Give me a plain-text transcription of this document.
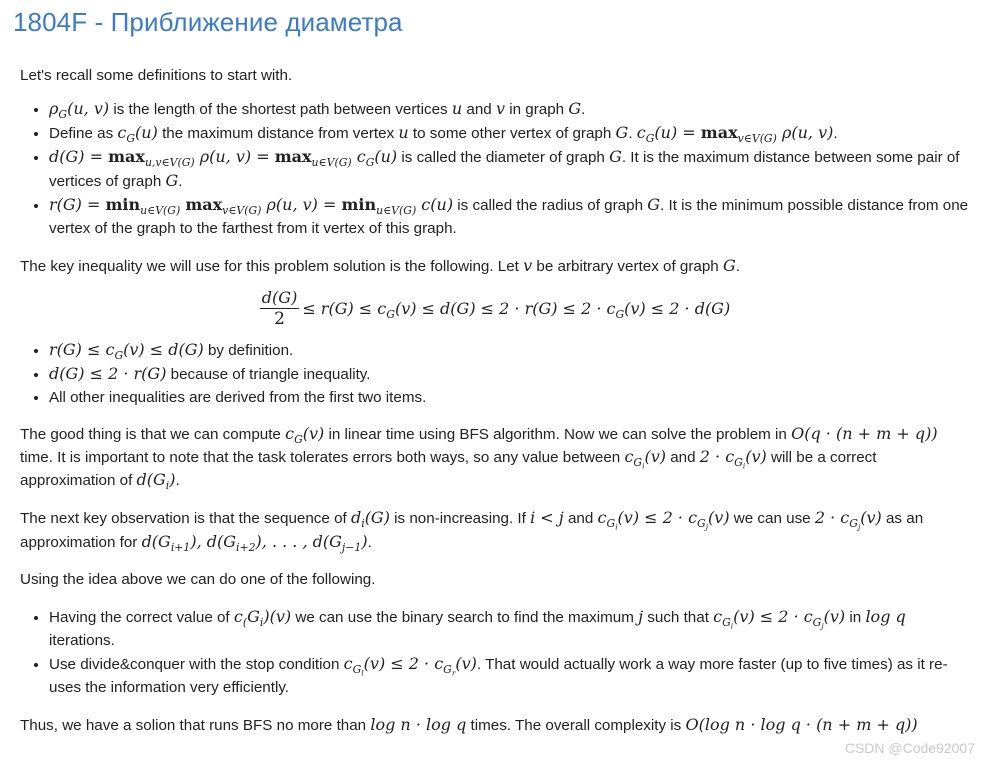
1804F - Приближение диаметра

Let's recall some definitions to start with.

• $\rho_G(u$, v) is the length of the shortest path between vertices u and v in graph G.
• Define as $c_G(u)$ the maximum distance from vertex u to some other vertex of graph G. $c_G(u) = \max_{v\in V(G)} \rho(u$, v).
• $d(G) = \max_{u,v\in V(G)} \rho(u$, $v) = \max_{u\in V(G)} c_G(u)$ is called the diameter of graph G. It is the maximum distance between some pair of vertices of graph G.
• $r(G) = \min_{u\in V(G)} \max_{v\in V(G)} \rho(u$, $v) = \min_{u\in V(G)} c(u)$ is called the radius of graph G. It is the minimum possible distance from one vertex of the graph to the farthest from it vertex of this graph.

The key inequality we will use for this problem solution is the following. Let v be arbitrary vertex of graph G.

$\frac{d(G)}{2} \le r(G) \le c_G(v) \le d(G) \le 2 \cdot r(G) \le 2 \cdot c_G(v) \le 2 \cdot d(G)$
• $r(G) \le c_G(v) \le d(G)$ by definition.
• d(G) ≤ 2 · r(G) because of triangle inequality.
• All other inequalities are derived from the first two items.

The good thing is that we can compute $c_G(v)$ in linear time using BFS algorithm. Now we can solve the problem in O(q · (n + m + q)) time. It is important to note that the task tolerates errors both ways, so any value between $c_{G_i}(v)$ and $2 \cdot c_{G_i}(v)$ will be a correct approximation of $d(G_i)$.

The next key observation is that the sequence of $d_i(G)$ is non-increasing. If i < j and $c_{G_i}(v) \le 2 \cdot c_{G_j}(v)$ we can use $2 \cdot c_{G_j}(v)$ as an approximation for $d(G_{i+1})$, $d(G_{i+2})$, . . . , $d(G_{j-1})$.

Using the idea above we can do one of the following.

• Having the correct value of $c_(G_i)(v)$ we can use the binary search to find the maximum j such that $c_{G_i}(v) \le 2 \cdot c_{G_j}(v)$ in log q iterations.
• Use divide&conquer with the stop condition $c_{G_l}(v) \le 2 \cdot c_{G_r}(v)$. That would actually work a way more faster (up to five times) as it re-uses the information very efficiently.

Thus, we have a solion that runs BFS no more than log n · log q times. The overall complexity is O(log n · log q · (n + m + q))

CSDN @Code92007
